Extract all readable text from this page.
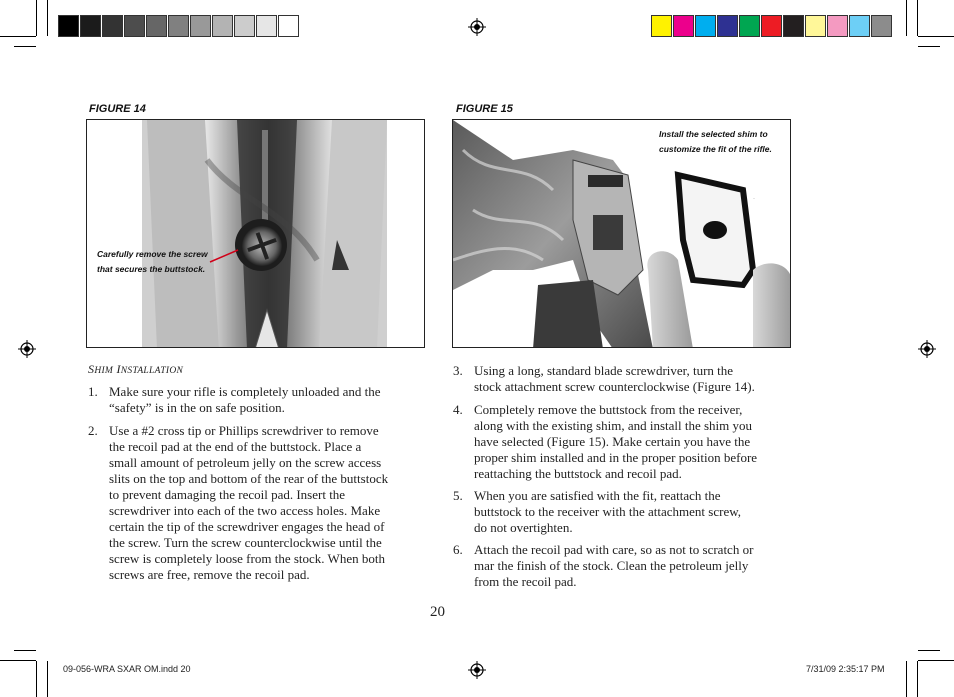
FIGURE 14
Carefully remove the screw
that secures the buttstock.
FIGURE 15
·
Install the selected shim to
customize the fit of the rifle.
SHIM INSTALLATION
1. Make sure your rifle is completely unloaded and the
“safety” is in the on safe position.
2. Use a #2 cross tip or Phillips screwdriver to remove
the recoil pad at the end of the buttstock. Place a
small amount of petroleum jelly on the screw access
slits on the top and bottom of the rear of the buttstock
to prevent damaging the recoil pad. Insert the
screwdriver into each of the two access holes. Make
certain the tip of the screwdriver engages the head of
the screw. Turn the screw counterclockwise until the
screw is completely loose from the stock. When both
screws are free, remove the recoil pad.
3. Using a long, standard blade screwdriver, turn the
stock attachment screw counterclockwise (Figure 14).
4. Completely remove the buttstock from the receiver,
along with the existing shim, and install the shim you
have selected (Figure 15). Make certain you have the
proper shim installed and in the proper position before
reattaching the buttstock and recoil pad.
5. When you are satisfied with the fit, reattach the
buttstock to the receiver with the attachment screw,
do not overtighten.
6. Attach the recoil pad with care, so as not to scratch or
mar the finish of the stock. Clean the petroleum jelly
from the recoil pad.
20
09-056-WRA SXAR OM.indd 20	7/31/09 2:35:17 PM
